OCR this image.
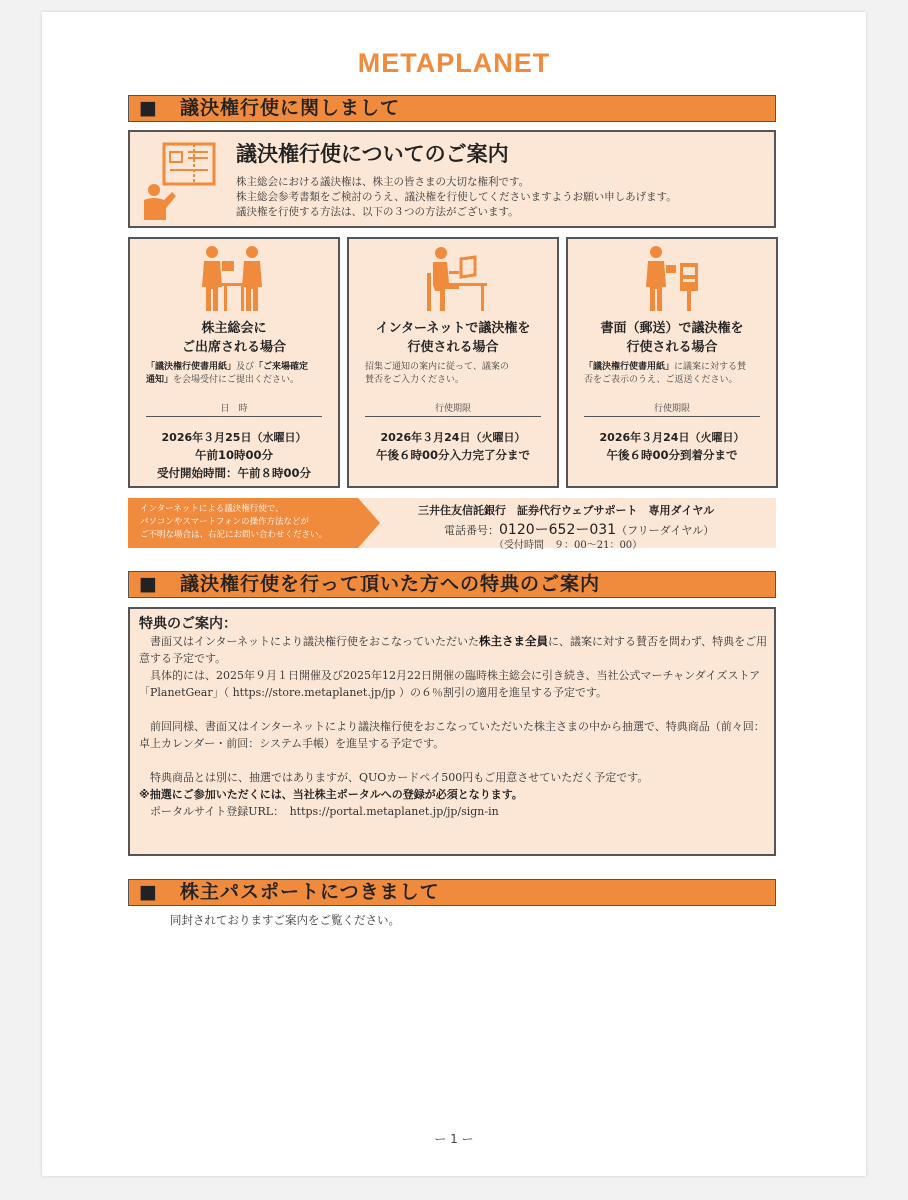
METAPLANET
■ 議決権行使に関しまして
議決権行使についてのご案内
株主総会における議決権は、株主の皆さまの大切な権利です。
株主総会参考書類をご検討のうえ、議決権を行使してくださいますようお願い申しあげます。
議決権を行使する方法は、以下の３つの方法がございます。
株主総会に
ご出席される場合
「議決権行使書用紙」及び「ご来場確定
通知」を会場受付にご提出ください。
日　時
2026年３月25日（水曜日）
午前10時00分
受付開始時間：午前８時00分
インターネットで議決権を
行使される場合
招集ご通知の案内に従って、議案の
賛否をご入力ください。
行使期限
2026年３月24日（火曜日）
午後６時00分入力完了分まで
書面（郵送）で議決権を
行使される場合
「議決権行使書用紙」に議案に対する賛
否をご表示のうえ、ご返送ください。
行使期限
2026年３月24日（火曜日）
午後６時00分到着分まで
インターネットによる議決権行使で、
パソコンやスマートフォンの操作方法などが
ご不明な場合は、右記にお問い合わせください。
三井住友信託銀行　証券代行ウェブサポート　専用ダイヤル
電話番号：0120ー652ー031（フリーダイヤル）
（受付時間　９：00〜21：00）
■ 議決権行使を行って頂いた方への特典のご案内
特典のご案内：

書面又はインターネットにより議決権行使をおこなっていただいた株主さま全員に、議案に対する賛否を問わず、特典をご用意する予定です。

具体的には、2025年９月１日開催及び2025年12月22日開催の臨時株主総会に引き続き、当社公式マーチャンダイズストア「PlanetGear」（ https://store.metaplanet.jp/jp ）の６％割引の適用を進呈する予定です。

前回同様、書面又はインターネットにより議決権行使をおこなっていただいた株主さまの中から抽選で、特典商品（前々回：卓上カレンダー・前回：システム手帳）を進呈する予定です。

特典商品とは別に、抽選ではありますが、QUOカードペイ500円もご用意させていただく予定です。

※抽選にご参加いただくには、当社株主ポータルへの登録が必須となります。

ポータルサイト登録URL：　https://portal.metaplanet.jp/jp/sign-in

■ 株主パスポートにつきまして
同封されておりますご案内をご覧ください。
ー 1 ー
